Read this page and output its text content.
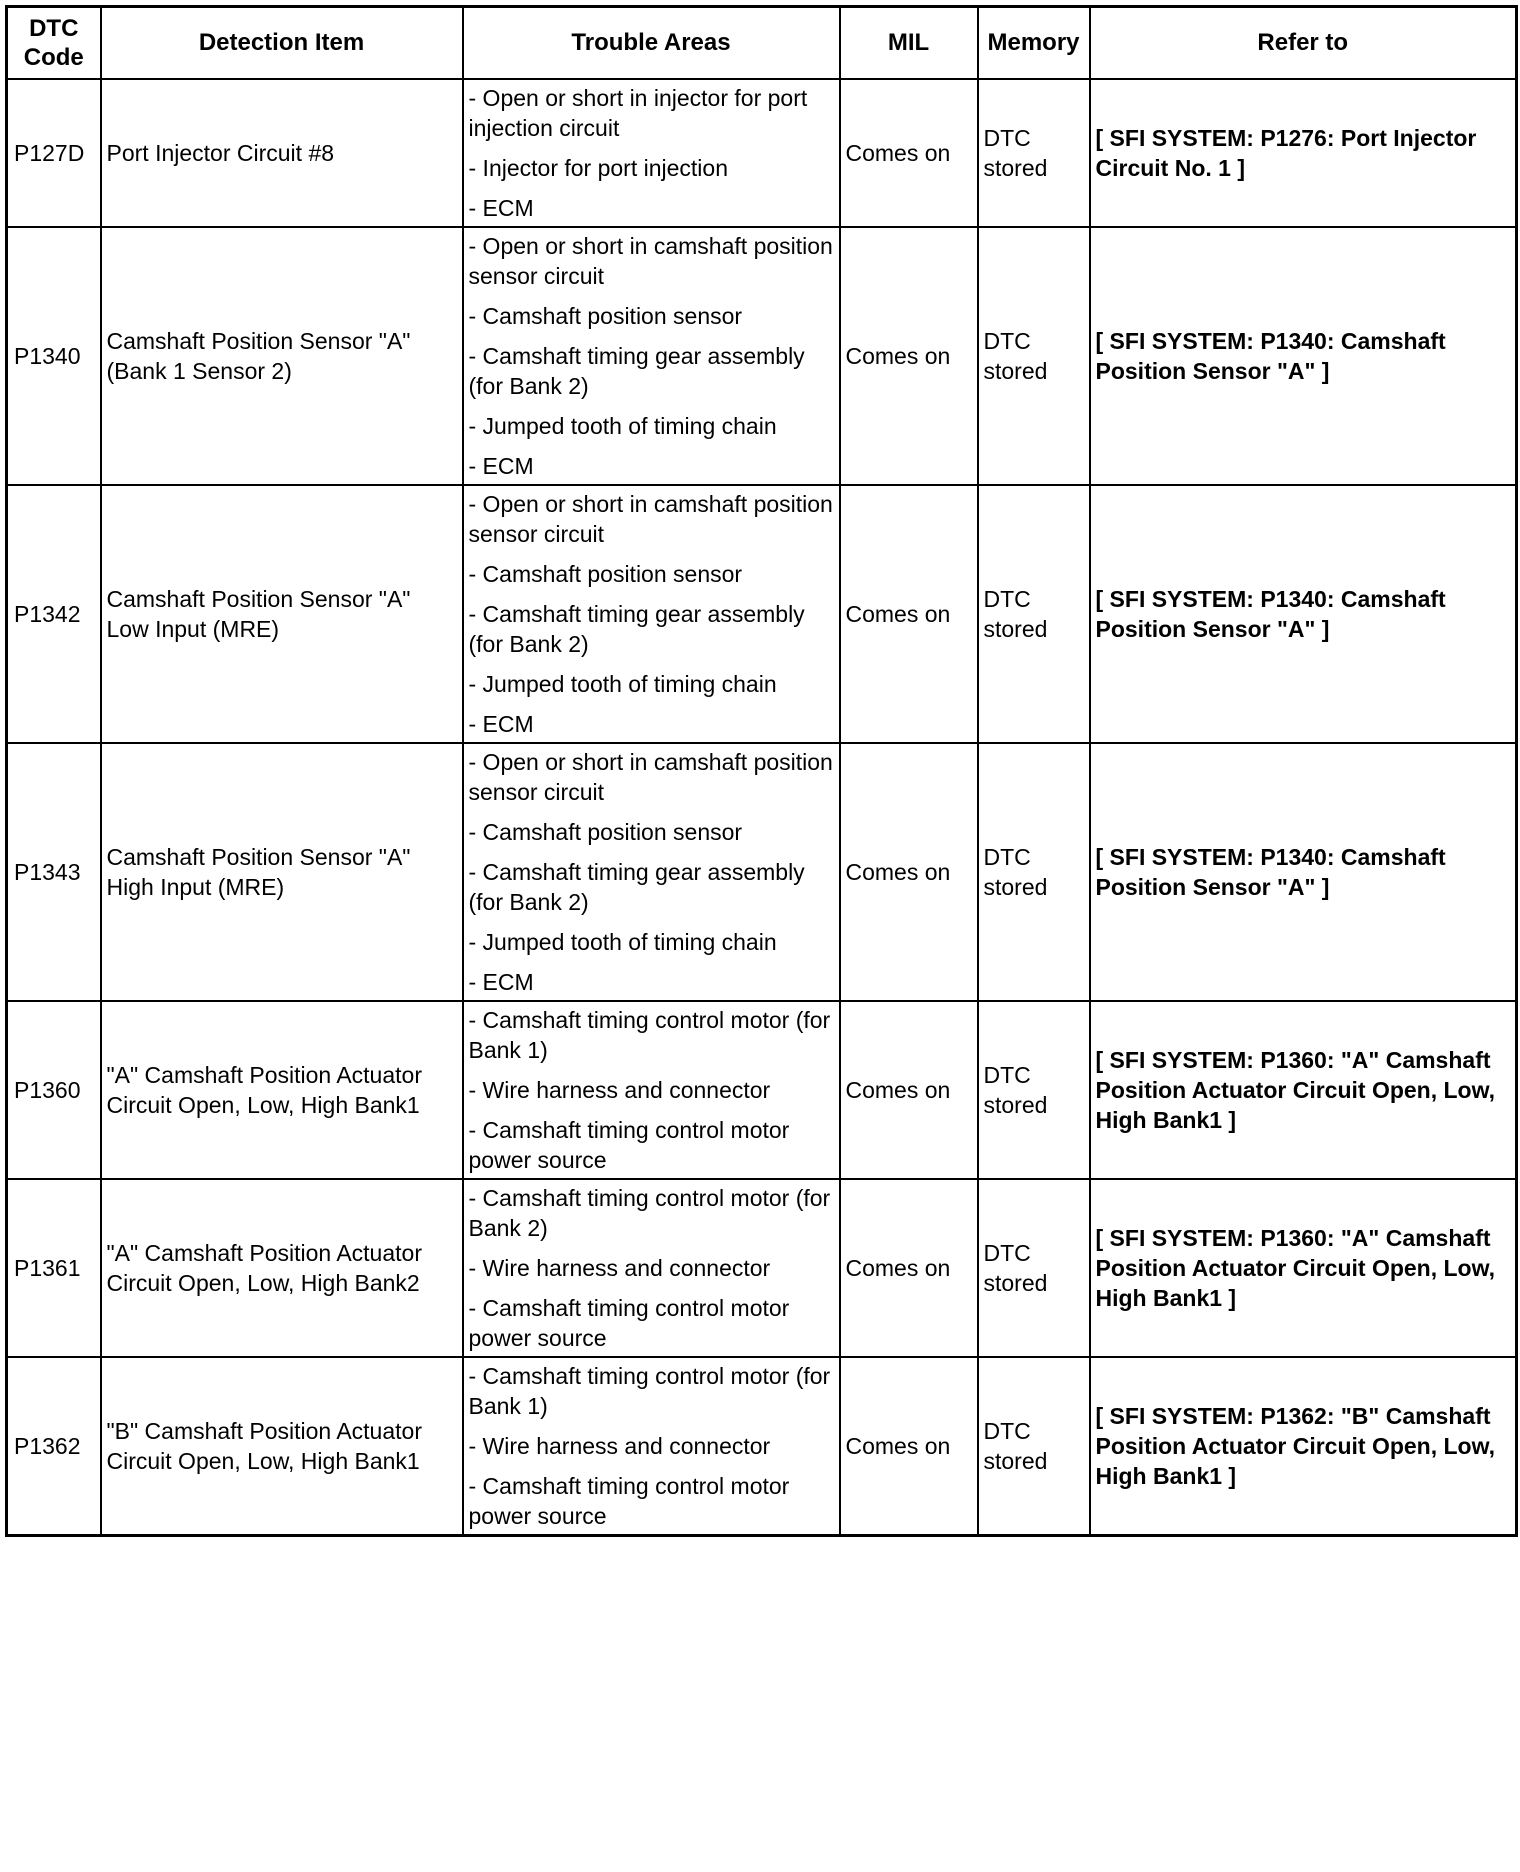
DTC Code	Detection Item	Trouble Areas	MIL	Memory	Refer to

P127D	Port Injector Circuit #8	- Open or short in injector for port injection circuit
- Injector for port injection
- ECM	Comes on	DTC stored	[ SFI SYSTEM: P1276: Port Injector Circuit No. 1 ]

P1340	Camshaft Position Sensor "A" (Bank 1 Sensor 2)	- Open or short in camshaft position sensor circuit
- Camshaft position sensor
- Camshaft timing gear assembly (for Bank 2)
- Jumped tooth of timing chain
- ECM	Comes on	DTC stored	[ SFI SYSTEM: P1340: Camshaft Position Sensor "A" ]

P1342	Camshaft Position Sensor "A" Low Input (MRE)	- Open or short in camshaft position sensor circuit
- Camshaft position sensor
- Camshaft timing gear assembly (for Bank 2)
- Jumped tooth of timing chain
- ECM	Comes on	DTC stored	[ SFI SYSTEM: P1340: Camshaft Position Sensor "A" ]

P1343	Camshaft Position Sensor "A" High Input (MRE)	- Open or short in camshaft position sensor circuit
- Camshaft position sensor
- Camshaft timing gear assembly (for Bank 2)
- Jumped tooth of timing chain
- ECM	Comes on	DTC stored	[ SFI SYSTEM: P1340: Camshaft Position Sensor "A" ]

P1360	"A" Camshaft Position Actuator Circuit Open, Low, High Bank1	- Camshaft timing control motor (for Bank 1)
- Wire harness and connector
- Camshaft timing control motor power source	Comes on	DTC stored	[ SFI SYSTEM: P1360: "A" Camshaft Position Actuator Circuit Open, Low, High Bank1 ]

P1361	"A" Camshaft Position Actuator Circuit Open, Low, High Bank2	- Camshaft timing control motor (for Bank 2)
- Wire harness and connector
- Camshaft timing control motor power source	Comes on	DTC stored	[ SFI SYSTEM: P1360: "A" Camshaft Position Actuator Circuit Open, Low, High Bank1 ]

P1362	"B" Camshaft Position Actuator Circuit Open, Low, High Bank1	- Camshaft timing control motor (for Bank 1)
- Wire harness and connector
- Camshaft timing control motor power source	Comes on	DTC stored	[ SFI SYSTEM: P1362: "B" Camshaft Position Actuator Circuit Open, Low, High Bank1 ]
